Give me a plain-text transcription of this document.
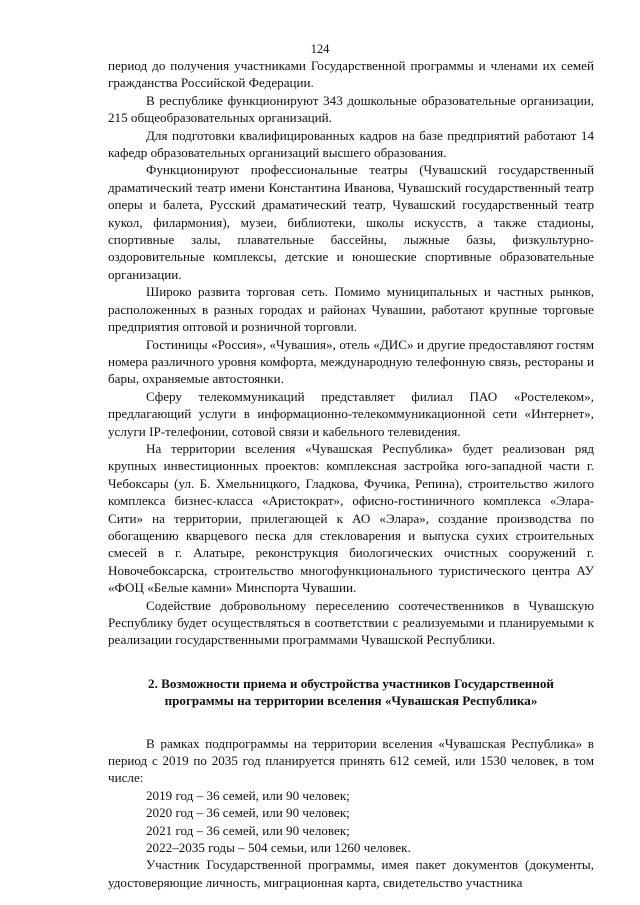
124

период до получения участниками Государственной программы и членами их семей гражданства Российской Федерации.

В республике функционируют 343 дошкольные образовательные организации, 215 общеобразовательных организаций.

Для подготовки квалифицированных кадров на базе предприятий работают 14 кафедр образовательных организаций высшего образования.

Функционируют профессиональные театры (Чувашский государственный драматический театр имени Константина Иванова, Чувашский государственный театр оперы и балета, Русский драматический театр, Чувашский государственный театр кукол, филармония), музеи, библиотеки, школы искусств, а также стадионы, спортивные залы, плавательные бассейны, лыжные базы, физкультурно-оздоровительные комплексы, детские и юношеские спортивные образовательные организации.

Широко развита торговая сеть. Помимо муниципальных и частных рынков, расположенных в разных городах и районах Чувашии, работают крупные торговые предприятия оптовой и розничной торговли.

Гостиницы «Россия», «Чувашия», отель «ДИС» и другие предоставляют гостям номера различного уровня комфорта, международную телефонную связь, рестораны и бары, охраняемые автостоянки.

Сферу телекоммуникаций представляет филиал ПАО «Ростелеком», предлагающий услуги в информационно-телекоммуникационной сети «Интернет», услуги IP-телефонии, сотовой связи и кабельного телевидения.

На территории вселения «Чувашская Республика» будет реализован ряд крупных инвестиционных проектов: комплексная застройка юго-западной части г. Чебоксары (ул. Б. Хмельницкого, Гладкова, Фучика, Репина), строительство жилого комплекса бизнес-класса «Аристократ», офисно-гостиничного комплекса «Элара-Сити» на территории, прилегающей к АО «Элара», создание производства по обогащению кварцевого песка для стекловарения и выпуска сухих строительных смесей в г. Алатыре, реконструкция биологических очистных сооружений г. Новочебоксарска, строительство многофункционального туристического центра АУ «ФОЦ «Белые камни» Минспорта Чувашии.

Содействие добровольному переселению соотечественников в Чувашскую Республику будет осуществляться в соответствии с реализуемыми и планируемыми к реализации государственными программами Чувашской Республики.

2. Возможности приема и обустройства участников Государственной
программы на территории вселения «Чувашская Республика»

В рамках подпрограммы на территории вселения «Чувашская Республика» в период с 2019 по 2035 год планируется принять 612 семей, или 1530 человек, в том числе:

2019 год – 36 семей, или 90 человек;

2020 год – 36 семей, или 90 человек;

2021 год – 36 семей, или 90 человек;

2022–2035 годы – 504 семьи, или 1260 человек.

Участник Государственной программы, имея пакет документов (документы, удостоверяющие личность, миграционная карта, свидетельство участника
